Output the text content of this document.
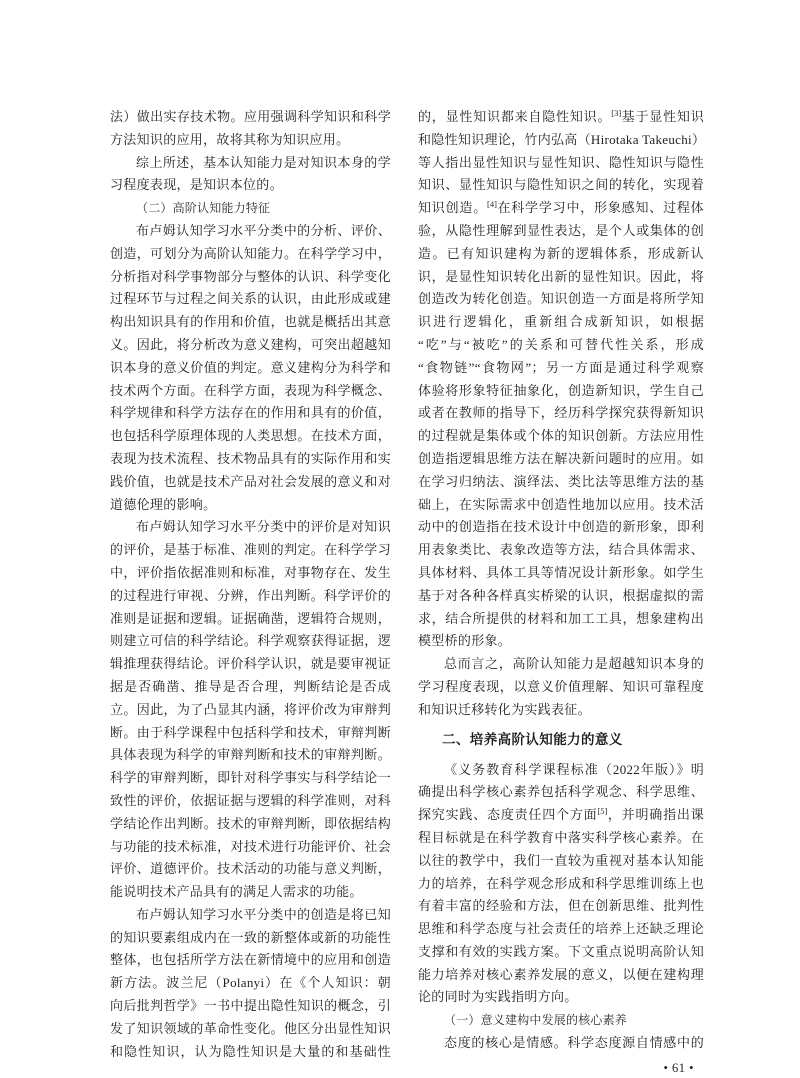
法）做出实存技术物。应用强调科学知识和科学
方法知识的应用，故将其称为知识应用。
综上所述，基本认知能力是对知识本身的学
习程度表现，是知识本位的。
（二）高阶认知能力特征
布卢姆认知学习水平分类中的分析、评价、
创造，可划分为高阶认知能力。在科学学习中，
分析指对科学事物部分与整体的认识、科学变化
过程环节与过程之间关系的认识，由此形成或建
构出知识具有的作用和价值，也就是概括出其意
义。因此，将分析改为意义建构，可突出超越知
识本身的意义价值的判定。意义建构分为科学和
技术两个方面。在科学方面，表现为科学概念、
科学规律和科学方法存在的作用和具有的价值，
也包括科学原理体现的人类思想。在技术方面，
表现为技术流程、技术物品具有的实际作用和实
践价值，也就是技术产品对社会发展的意义和对
道德伦理的影响。
布卢姆认知学习水平分类中的评价是对知识
的评价，是基于标准、准则的判定。在科学学习
中，评价指依据准则和标准，对事物存在、发生
的过程进行审视、分辨，作出判断。科学评价的
准则是证据和逻辑。证据确凿，逻辑符合规则，
则建立可信的科学结论。科学观察获得证据，逻
辑推理获得结论。评价科学认识，就是要审视证
据是否确凿、推导是否合理，判断结论是否成
立。因此，为了凸显其内涵，将评价改为审辩判
断。由于科学课程中包括科学和技术，审辩判断
具体表现为科学的审辩判断和技术的审辩判断。
科学的审辩判断，即针对科学事实与科学结论一
致性的评价，依据证据与逻辑的科学准则，对科
学结论作出判断。技术的审辩判断，即依据结构
与功能的技术标准，对技术进行功能评价、社会
评价、道德评价。技术活动的功能与意义判断，
能说明技术产品具有的满足人需求的功能。
布卢姆认知学习水平分类中的创造是将已知
的知识要素组成内在一致的新整体或新的功能性
整体，也包括所学方法在新情境中的应用和创造
新方法。波兰尼（Polanyi）在《个人知识：朝
向后批判哲学》一书中提出隐性知识的概念，引
发了知识领域的革命性变化。他区分出显性知识
和隐性知识，认为隐性知识是大量的和基础性
的，显性知识都来自隐性知识。[3]基于显性知识
和隐性知识理论，竹内弘高（Hirotaka Takeuchi）
等人指出显性知识与显性知识、隐性知识与隐性
知识、显性知识与隐性知识之间的转化，实现着
知识创造。[4]在科学学习中，形象感知、过程体
验，从隐性理解到显性表达，是个人或集体的创
造。已有知识建构为新的逻辑体系，形成新认
识，是显性知识转化出新的显性知识。因此，将
创造改为转化创造。知识创造一方面是将所学知
识进行逻辑化，重新组合成新知识，如根据
“吃”与“被吃”的关系和可替代性关系，形成
“食物链”“食物网”；另一方面是通过科学观察
体验将形象特征抽象化，创造新知识，学生自己
或者在教师的指导下，经历科学探究获得新知识
的过程就是集体或个体的知识创新。方法应用性
创造指逻辑思维方法在解决新问题时的应用。如
在学习归纳法、演绎法、类比法等思维方法的基
础上，在实际需求中创造性地加以应用。技术活
动中的创造指在技术设计中创造的新形象，即利
用表象类比、表象改造等方法，结合具体需求、
具体材料、具体工具等情况设计新形象。如学生
基于对各种各样真实桥梁的认识，根据虚拟的需
求，结合所提供的材料和加工工具，想象建构出
模型桥的形象。
总而言之，高阶认知能力是超越知识本身的
学习程度表现，以意义价值理解、知识可靠程度
和知识迁移转化为实践表征。
二、培养高阶认知能力的意义
《义务教育科学课程标准（2022年版）》明
确提出科学核心素养包括科学观念、科学思维、
探究实践、态度责任四个方面[5]，并明确指出课
程目标就是在科学教育中落实科学核心素养。在
以往的教学中，我们一直较为重视对基本认知能
力的培养，在科学观念形成和科学思维训练上也
有着丰富的经验和方法，但在创新思维、批判性
思维和科学态度与社会责任的培养上还缺乏理论
支撑和有效的实践方案。下文重点说明高阶认知
能力培养对核心素养发展的意义，以便在建构理
论的同时为实践指明方向。
（一）意义建构中发展的核心素养
态度的核心是情感。科学态度源自情感中的
• 61 •
